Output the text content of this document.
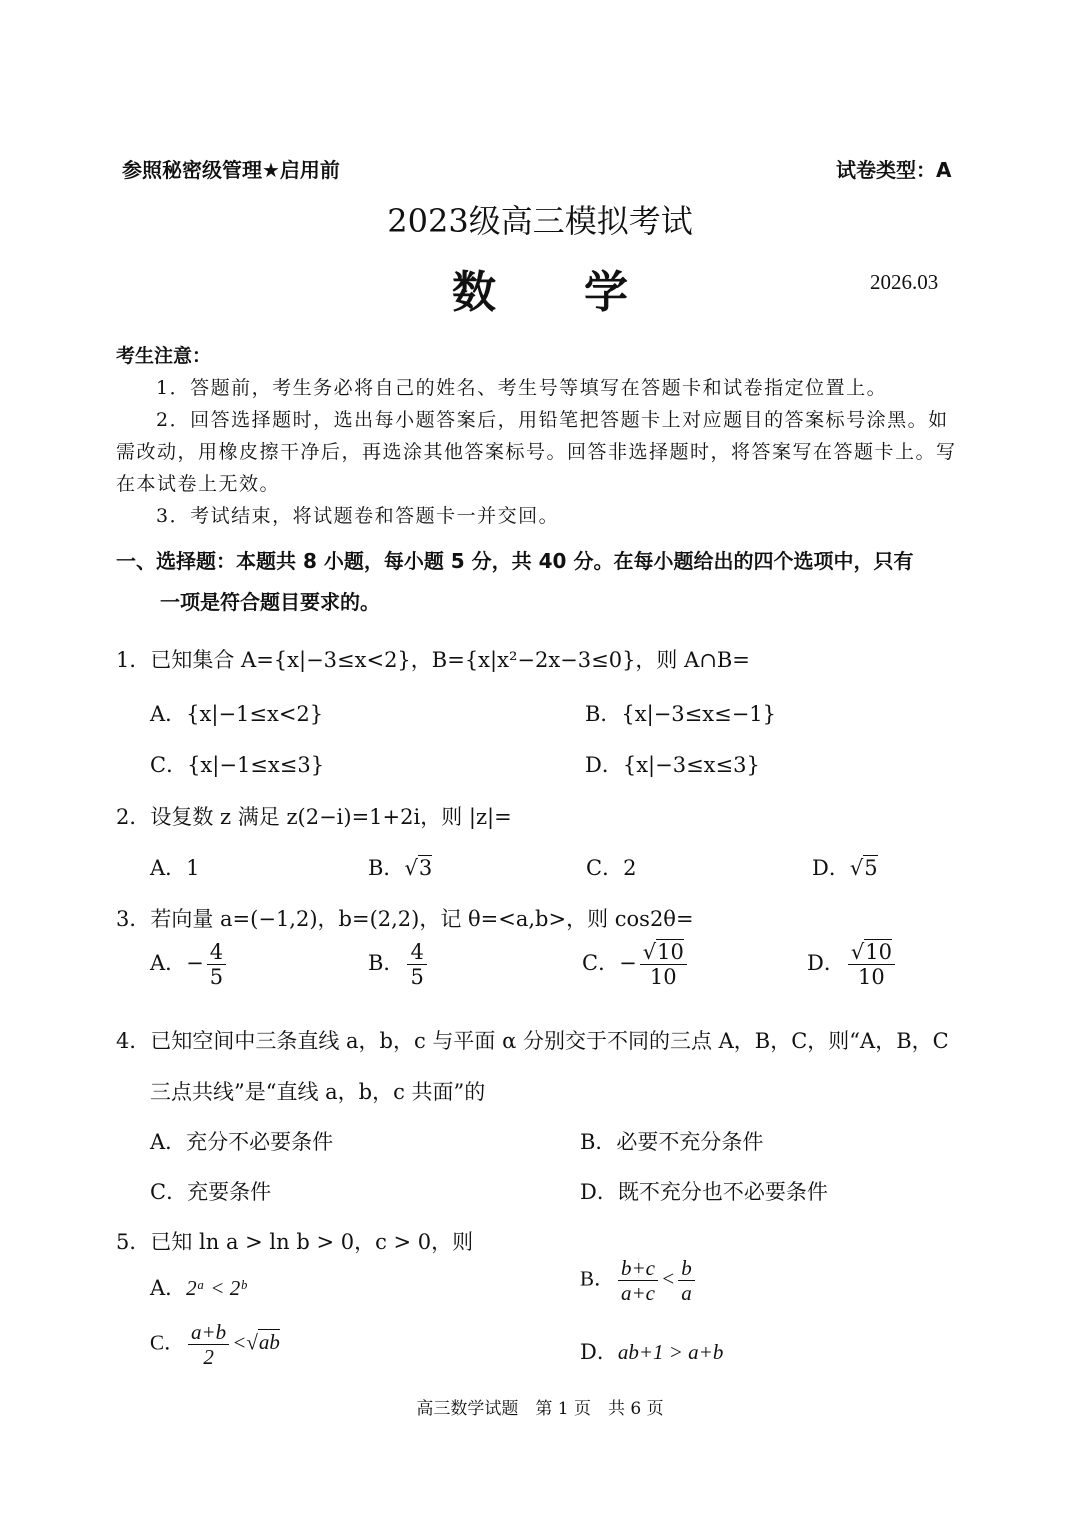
参照秘密级管理★启用前	试卷类型：A
2023级高三模拟考试
数　　学	2026.03

考生注意：

1．答题前，考生务必将自己的姓名、考生号等填写在答题卡和试卷指定位置上。

2．回答选择题时，选出每小题答案后，用铅笔把答题卡上对应题目的答案标号涂黑。如需改动，用橡皮擦干净后，再选涂其他答案标号。回答非选择题时，将答案写在答题卡上。写在本试卷上无效。

3．考试结束，将试题卷和答题卡一并交回。

一、选择题：本题共 8 小题，每小题 5 分，共 40 分。在每小题给出的四个选项中，只有
一项是符合题目要求的。
1．已知集合 A={x|−3≤x<2}，B={x|x²−2x−3≤0}，则 A∩B=
A．{x|−1≤x<2}	B．{x|−3≤x≤−1}
C．{x|−1≤x≤3}	D．{x|−3≤x≤3}
2．设复数 z 满足 z(2−i)=1+2i，则 |z|=
A．1	B．√3	C．2	D．√5
3．若向量 a=(−1,2)，b=(2,2)，记 θ=<a,b>，则 cos2θ=
A．− $\frac{4}{5}$	B． $\frac{4}{5}$	C．− $\frac{√10}{10}$	D． $\frac{√10}{10}$
4．已知空间中三条直线 a，b，c 与平面 α 分别交于不同的三点 A，B，C，则“A，B，C
三点共线”是“直线 a，b，c 共面”的
A．充分不必要条件	B．必要不充分条件
C．充要条件	D．既不充分也不必要条件
5．已知 ln a > ln b > 0，c > 0，则
A．2ᵃ < 2ᵇ	B． $\frac{b+c}{a+c} < \frac{b}{a}$
C． $\frac{a+b}{2} <√ab$	D．ab+1 > a+b
高三数学试题　第 1 页　共 6 页
